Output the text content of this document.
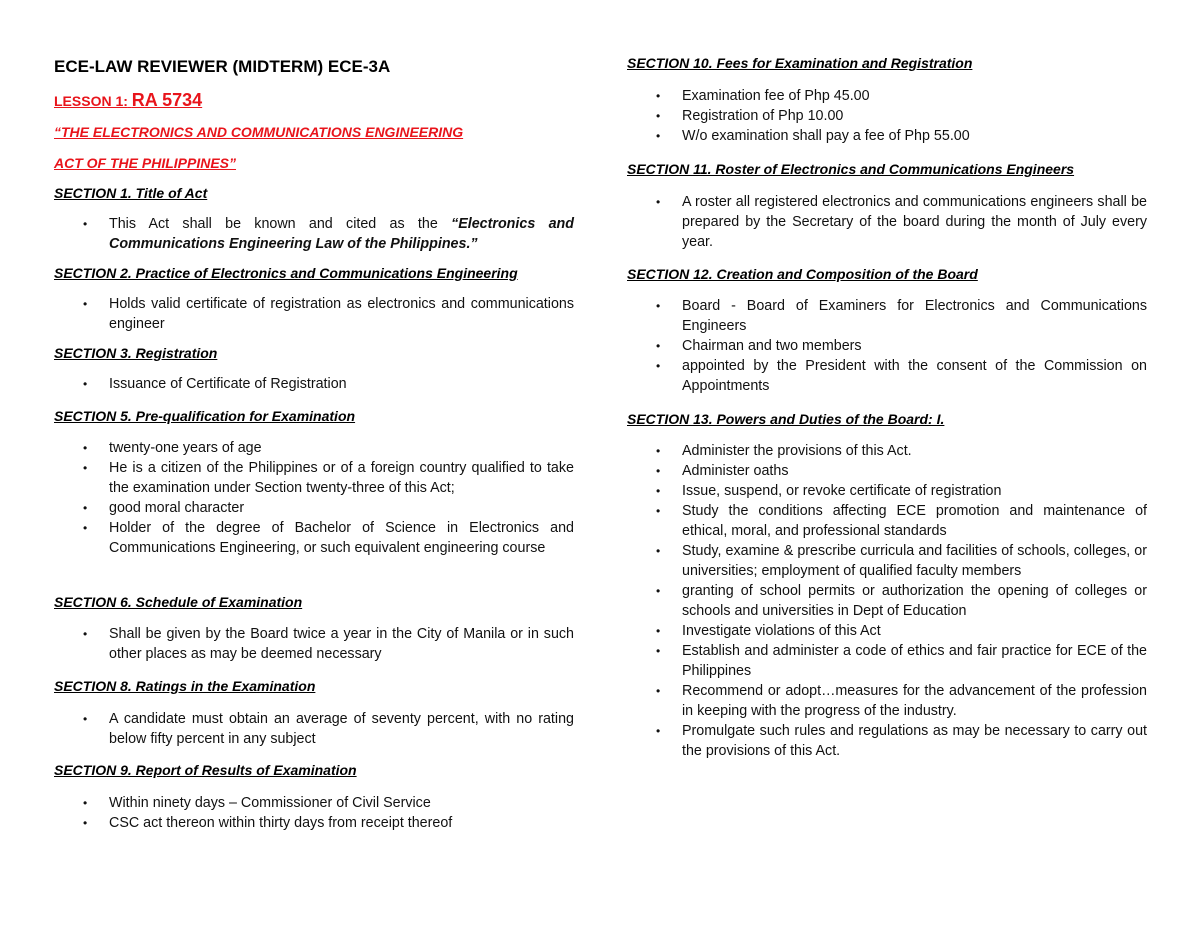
ECE-LAW REVIEWER (MIDTERM) ECE-3A
LESSON 1: RA 5734
“THE ELECTRONICS AND COMMUNICATIONS ENGINEERING
ACT OF THE PHILIPPINES”
SECTION 1. Title of Act
• This Act shall be known and cited as the “Electronics and Communications Engineering Law of the Philippines.”
SECTION 2. Practice of Electronics and Communications Engineering
• Holds valid certificate of registration as electronics and communications engineer
SECTION 3. Registration
• Issuance of Certificate of Registration
SECTION 5. Pre-qualification for Examination
• twenty-one years of age
• He is a citizen of the Philippines or of a foreign country qualified to take the examination under Section twenty-three of this Act;
• good moral character
• Holder of the degree of Bachelor of Science in Electronics and Communications Engineering, or such equivalent engineering course
SECTION 6. Schedule of Examination
• Shall be given by the Board twice a year in the City of Manila or in such other places as may be deemed necessary
SECTION 8. Ratings in the Examination
• A candidate must obtain an average of seventy percent, with no rating below fifty percent in any subject
SECTION 9. Report of Results of Examination
• Within ninety days – Commissioner of Civil Service
• CSC act thereon within thirty days from receipt thereof
SECTION 10. Fees for Examination and Registration
• Examination fee of Php 45.00
• Registration of Php 10.00
• W/o examination shall pay a fee of Php 55.00
SECTION 11. Roster of Electronics and Communications Engineers
• A roster all registered electronics and communications engineers shall be prepared by the Secretary of the board during the month of July every year.
SECTION 12. Creation and Composition of the Board
• Board - Board of Examiners for Electronics and Communications Engineers
• Chairman and two members
• appointed by the President with the consent of the Commission on Appointments
SECTION 13. Powers and Duties of the Board: I.
• Administer the provisions of this Act.
• Administer oaths
• Issue, suspend, or revoke certificate of registration
• Study the conditions affecting ECE promotion and maintenance of ethical, moral, and professional standards
• Study, examine & prescribe curricula and facilities of schools, colleges, or universities; employment of qualified faculty members
• granting of school permits or authorization the opening of colleges or schools and universities in Dept of Education
• Investigate violations of this Act
• Establish and administer a code of ethics and fair practice for ECE of the Philippines
• Recommend or adopt…measures for the advancement of the profession in keeping with the progress of the industry.
• Promulgate such rules and regulations as may be necessary to carry out the provisions of this Act.
